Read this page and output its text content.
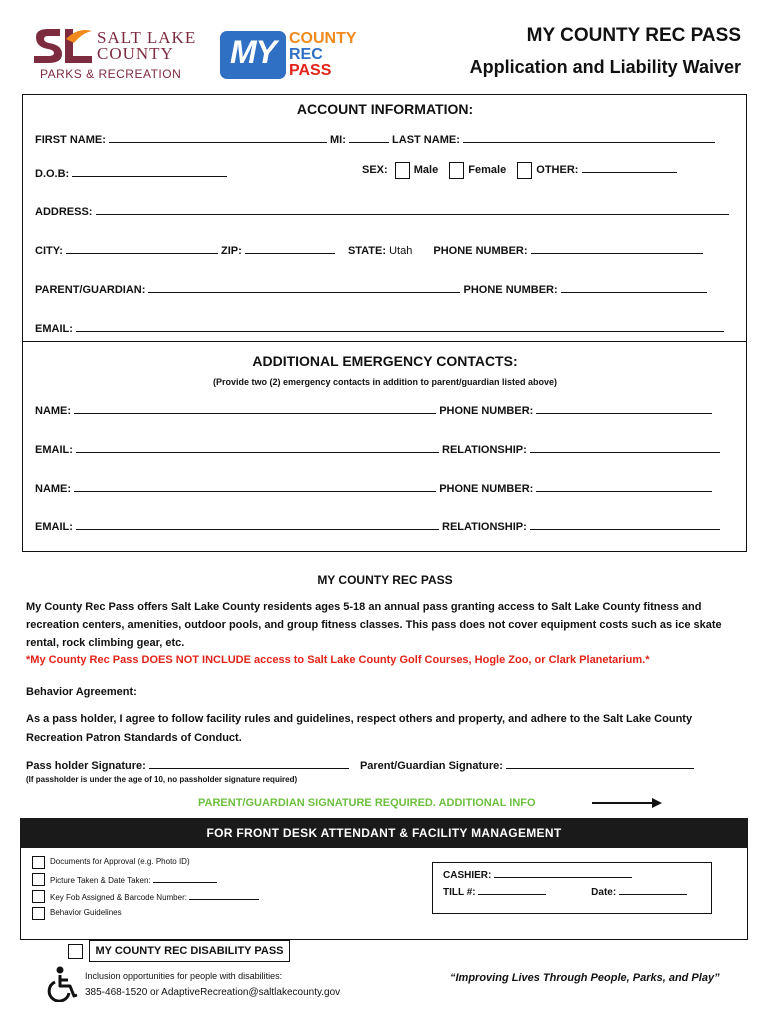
SALT LAKE
COUNTY
PARKS & RECREATION
MY COUNTY
REC
PASS
MY COUNTY REC PASS
Application and Liability Waiver
ACCOUNT INFORMATION:
FIRST NAME:	MI:	LAST NAME:
D.O.B:	SEX: Male	Female	OTHER:
ADDRESS:
CITY:	ZIP:	STATE: Utah PHONE NUMBER:
PARENT/GUARDIAN:	PHONE NUMBER:
EMAIL:
ADDITIONAL EMERGENCY CONTACTS:
(Provide two (2) emergency contacts in addition to parent/guardian listed above)
NAME:	PHONE NUMBER:
EMAIL:	RELATIONSHIP:
NAME:	PHONE NUMBER:
EMAIL:	RELATIONSHIP:
MY COUNTY REC PASS
My County Rec Pass offers Salt Lake County residents ages 5-18 an annual pass granting access to Salt Lake County fitness and recreation centers, amenities, outdoor pools, and group fitness classes. This pass does not cover equipment costs such as ice skate rental, rock climbing gear, etc.
*My County Rec Pass DOES NOT INCLUDE access to Salt Lake County Golf Courses, Hogle Zoo, or Clark Planetarium.*
Behavior Agreement:
As a pass holder, I agree to follow facility rules and guidelines, respect others and property, and adhere to the Salt Lake County Recreation Patron Standards of Conduct.
Pass holder Signature:	Parent/Guardian Signature:
(If passholder is under the age of 10, no passholder signature required)
PARENT/GUARDIAN SIGNATURE REQUIRED. ADDITIONAL INFO
FOR FRONT DESK ATTENDANT & FACILITY MANAGEMENT
Documents for Approval (e.g. Photo ID)
Picture Taken & Date Taken:
Key Fob Assigned & Barcode Number:
Behavior Guidelines
CASHIER:
TILL #:	Date:
MY COUNTY REC DISABILITY PASS
Inclusion opportunities for people with disabilities:
385-468-1520 or AdaptiveRecreation@saltlakecounty.gov
“Improving Lives Through People, Parks, and Play”
